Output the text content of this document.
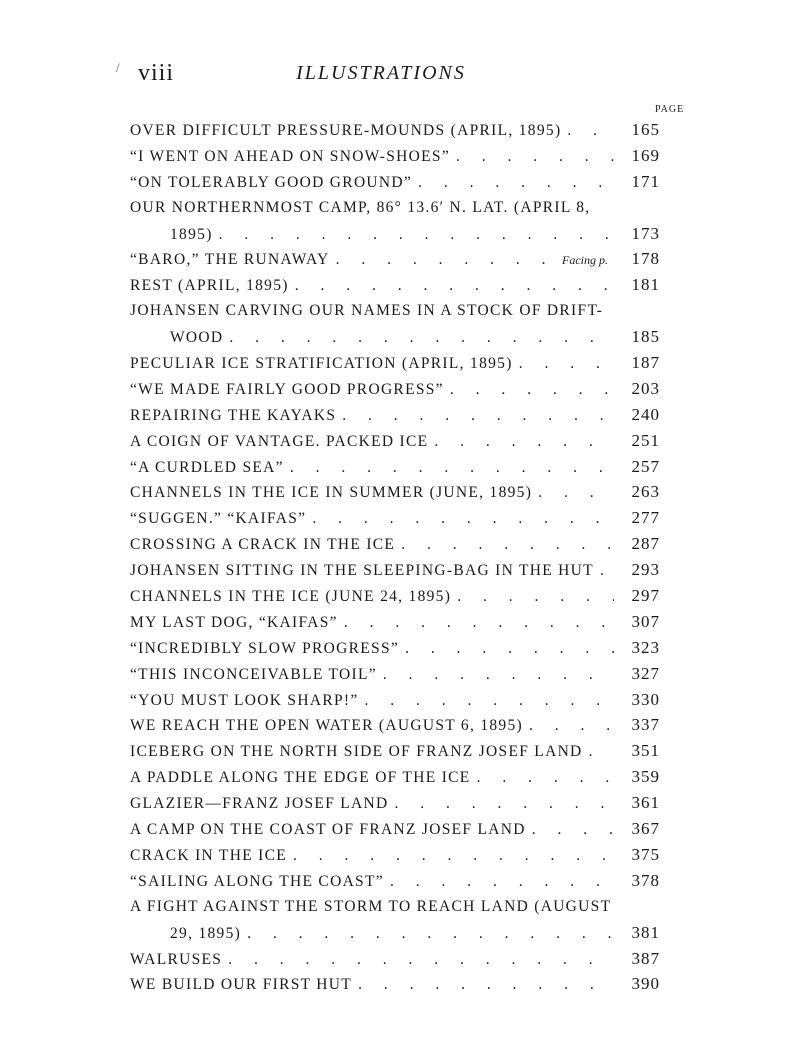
/ viii	ILLUSTRATIONS
PAGE
OVER DIFFICULT PRESSURE-MOUNDS (APRIL, 1895) . . .	165
“I WENT ON AHEAD ON SNOW-SHOES” . . .	169
“ON TOLERABLY GOOD GROUND” . . .	171
OUR NORTHERNMOST CAMP, 86° 13.6′ N. LAT. (APRIL 8,
1895) . . .	173
“BARO,” THE RUNAWAY . . .	Facing p.	178
REST (APRIL, 1895) . . .	181
JOHANSEN CARVING OUR NAMES IN A STOCK OF DRIFT-
WOOD . . .	185
PECULIAR ICE STRATIFICATION (APRIL, 1895) . . .	187
“WE MADE FAIRLY GOOD PROGRESS” . . .	203
REPAIRING THE KAYAKS . . .	240
A COIGN OF VANTAGE. PACKED ICE . . .	251
“A CURDLED SEA” . . .	257
CHANNELS IN THE ICE IN SUMMER (JUNE, 1895) . . .	263
“SUGGEN.” “KAIFAS” . . .	277
CROSSING A CRACK IN THE ICE . . .	287
JOHANSEN SITTING IN THE SLEEPING-BAG IN THE HUT . . .	293
CHANNELS IN THE ICE (JUNE 24, 1895) . . .	297
MY LAST DOG, “KAIFAS” . . .	307
“INCREDIBLY SLOW PROGRESS” . . .	323
“THIS INCONCEIVABLE TOIL” . . .	327
“YOU MUST LOOK SHARP!” . . .	330
WE REACH THE OPEN WATER (AUGUST 6, 1895) . . .	337
ICEBERG ON THE NORTH SIDE OF FRANZ JOSEF LAND . . .	351
A PADDLE ALONG THE EDGE OF THE ICE . . .	359
GLAZIER—FRANZ JOSEF LAND . . .	361
A CAMP ON THE COAST OF FRANZ JOSEF LAND . . .	367
CRACK IN THE ICE . . .	375
“SAILING ALONG THE COAST” . . .	378
A FIGHT AGAINST THE STORM TO REACH LAND (AUGUST
29, 1895) . . .	381
WALRUSES . . .	387
WE BUILD OUR FIRST HUT . . .	390
